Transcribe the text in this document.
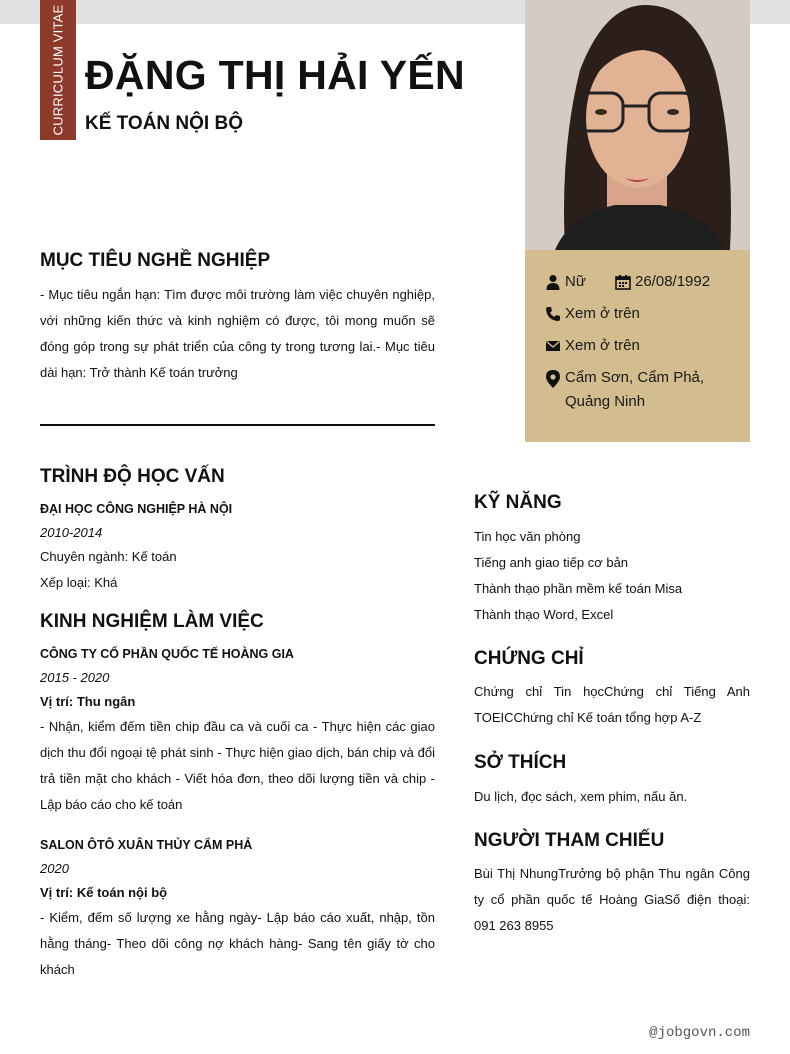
CURRICULUM VITAE ĐẶNG THỊ HẢI YẾN
KẾ TOÁN NỘI BỘ
Nữ	26/08/1992
Xem ở trên
Xem ở trên
Cẩm Sơn, Cẩm Phả,
Quảng Ninh
MỤC TIÊU NGHỀ NGHIỆP
- Mục tiêu ngắn hạn: Tìm được môi trường làm việc chuyên nghiệp, với những kiến thức và kinh nghiệm có được, tôi mong muốn sẽ đóng góp trong sự phát triển của công ty trong tương lai.- Mục tiêu dài hạn: Trở thành Kế toán trưởng
TRÌNH ĐỘ HỌC VẤN
ĐẠI HỌC CÔNG NGHIỆP HÀ NỘI
2010-2014
Chuyên ngành: Kế toán
Xếp loại: Khá
KINH NGHIỆM LÀM VIỆC
CÔNG TY CỔ PHẦN QUỐC TẾ HOÀNG GIA
2015 - 2020
Vị trí: Thu ngân
- Nhận, kiểm đếm tiền chip đầu ca và cuối ca - Thực hiện các giao dịch thu đổi ngoại tệ phát sinh - Thực hiện giao dịch, bán chip và đổi trả tiền mặt cho khách - Viết hóa đơn, theo dõi lượng tiền và chip - Lập báo cáo cho kế toán
SALON ÔTÔ XUÂN THỦY CẨM PHẢ
2020
Vị trí: Kế toán nội bộ
- Kiểm, đếm số lượng xe hằng ngày- Lập báo cáo xuất, nhập, tồn hằng tháng- Theo dõi công nợ khách hàng- Sang tên giấy tờ cho khách
KỸ NĂNG
Tin học văn phòng
Tiếng anh giao tiếp cơ bản
Thành thạo phần mềm kế toán Misa
Thành thạo Word, Excel
CHỨNG CHỈ
Chứng chỉ Tin họcChứng chỉ Tiếng Anh TOEICChứng chỉ Kế toán tổng hợp A-Z
SỞ THÍCH
Du lịch, đọc sách, xem phim, nấu ăn.
NGƯỜI THAM CHIẾU
Bùi Thị NhungTrưởng bộ phận Thu ngân Công ty cổ phần quốc tế Hoàng GiaSố điện thoại: 091 263 8955
@jobgovn.com
